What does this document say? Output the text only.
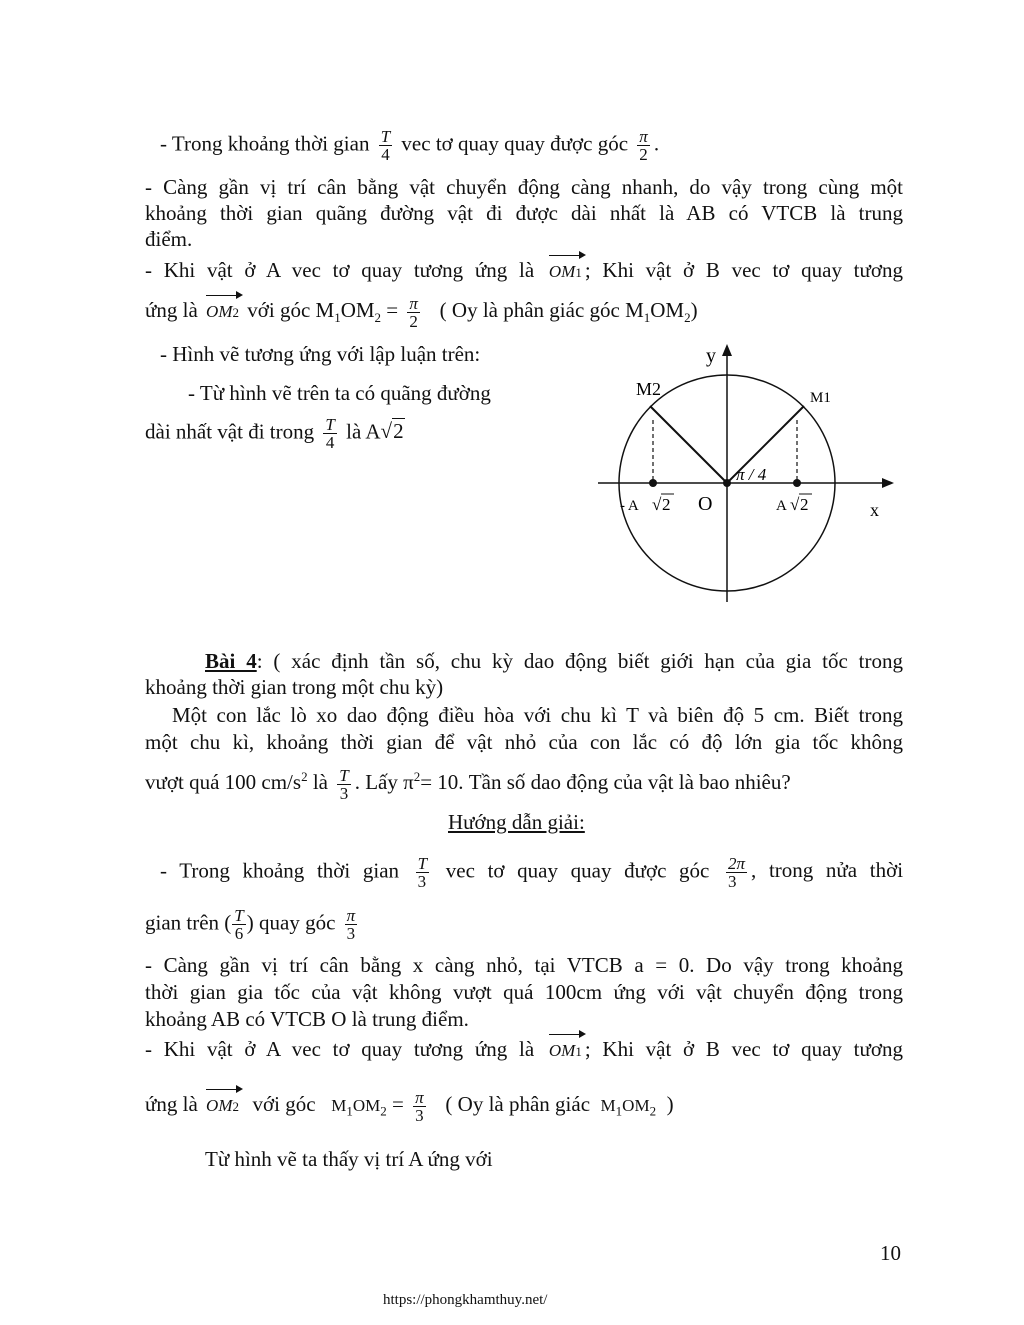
- Trong khoảng thời gian $\frac{T}{4}$ vec tơ quay quay được góc $\frac{\pi}{2}$ .
- Càng gần vị trí cân bằng vật chuyển động càng nhanh, do vậy trong cùng một
khoảng thời gian quãng đường vật đi được dài nhất là AB có VTCB là trung
điểm.
- Khi vật ở A vec tơ quay tương ứng là OM1 ; Khi vật ở B vec tơ quay tương
ứng là OM2 với góc $M_1OM_2 = \frac{\pi}{2}$ ( Oy là phân giác góc $M_1OM_2$)
- Hình vẽ tương ứng với lập luận trên:
- Từ hình vẽ trên ta có quãng đường
dài nhất vật đi trong $\frac{T}{4}$ là A√2
y
x
O
M2	M1
π / 4
- A √ 2	A √ 2
Bài 4: ( xác định tần số, chu kỳ dao động biết giới hạn của gia tốc trong
khoảng thời gian trong một chu kỳ)
Một con lắc lò xo dao động điều hòa với chu kì T và biên độ 5 cm. Biết trong
một chu kì, khoảng thời gian để vật nhỏ của con lắc có độ lớn gia tốc không
vượt quá 100 $cm/s^2$ là $\frac{T}{3}$ . Lấy $\pi^2= 10$. Tần số dao động của vật là bao nhiêu?
Hướng dẫn giải:
- Trong khoảng thời gian $\frac{T}{3}$ vec tơ quay quay được góc $\frac{2\pi}{3}$ , trong nửa thời
gian trên ( $\frac{T}{6}$ ) quay góc $\frac{\pi}{3}$
- Càng gần vị trí cân bằng x càng nhỏ, tại VTCB a = 0. Do vậy trong khoảng
thời gian gia tốc của vật không vượt quá 100cm ứng với vật chuyển động trong
khoảng AB có VTCB O là trung điểm.
- Khi vật ở A vec tơ quay tương ứng là OM1 ; Khi vật ở B vec tơ quay tương
ứng là OM2 với góc $M_1OM_2 = \frac{\pi}{3}$ ( Oy là phân giác $M_1OM_2$ )
Từ hình vẽ ta thấy vị trí A ứng với
10
https://phongkhamthuy.net/
